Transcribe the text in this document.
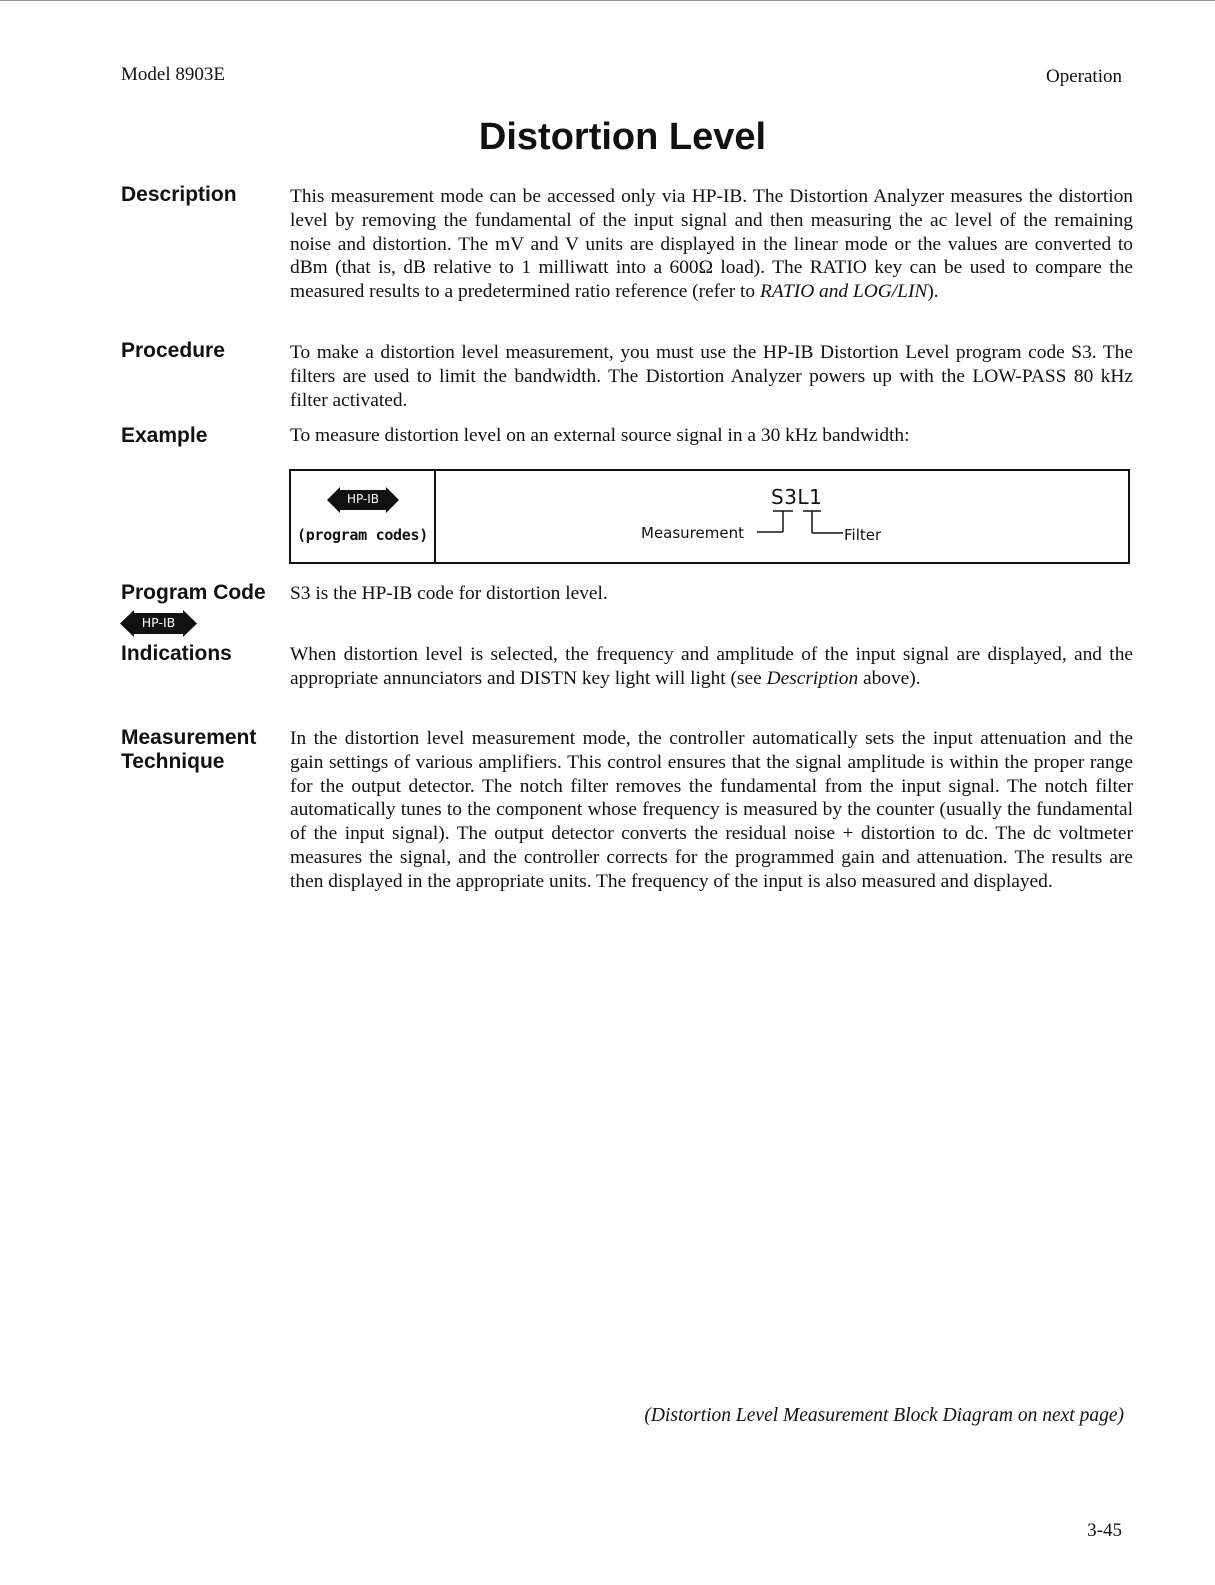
Model 8903E	Operation
Distortion Level
Description	This measurement mode can be accessed only via HP-IB. The Distortion Analyzer measures the distortion level by removing the fundamental of the input signal and then measuring the ac level of the remaining noise and distortion. The mV and V units are displayed in the linear mode or the values are converted to dBm (that is, dB relative to 1 milliwatt into a 600Ω load). The RATIO key can be used to compare the measured results to a predetermined ratio reference (refer to RATIO and LOG/LIN).

Procedure	To make a distortion level measurement, you must use the HP-IB Distortion Level program code S3. The filters are used to limit the bandwidth. The Distortion Analyzer powers up with the LOW-PASS 80 kHz filter activated.

Example	To measure distortion level on an external source signal in a 30 kHz bandwidth:

HP-IB
(program codes)
S3L1
Measurement	Filter
Program Code
HP-IB

S3 is the HP-IB code for distortion level.

Indications	When distortion level is selected, the frequency and amplitude of the input signal are displayed, and the appropriate annunciators and DISTN key light will light (see Description above).

Measurement
Technique

In the distortion level measurement mode, the controller automatically sets the input attenuation and the gain settings of various amplifiers. This control ensures that the signal amplitude is within the proper range for the output detector. The notch filter removes the fundamental from the input signal. The notch filter automatically tunes to the component whose frequency is measured by the counter (usually the fundamental of the input signal). The output detector converts the residual noise + distortion to dc. The dc voltmeter measures the signal, and the controller corrects for the programmed gain and attenuation. The results are then displayed in the appropriate units. The frequency of the input is also measured and displayed.

(Distortion Level Measurement Block Diagram on next page)
3-45
